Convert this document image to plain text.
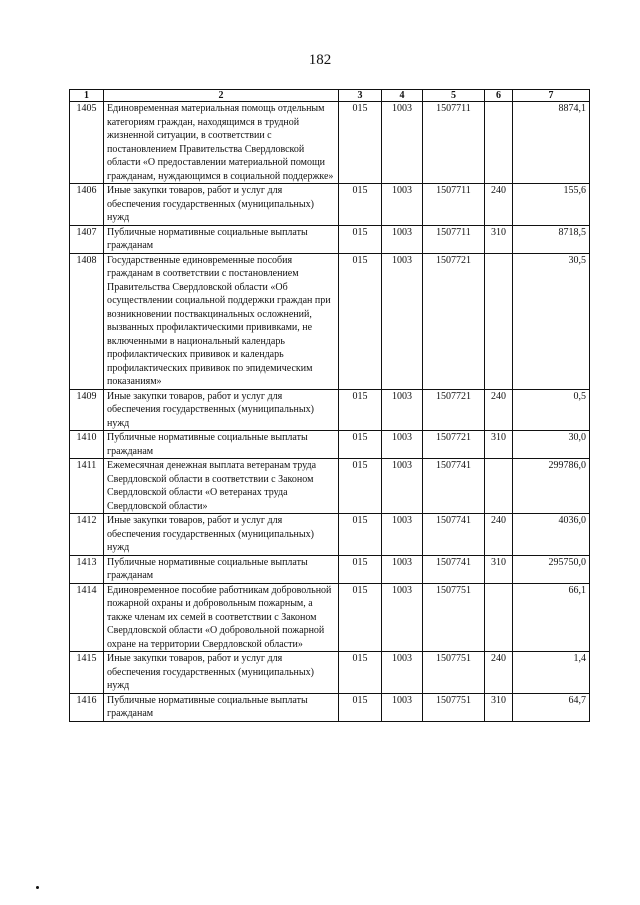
182
1	2	3	4	5	6	7
1405	Единовременная материальная помощь отдельным категориям граждан, находящимся в трудной жизненной ситуации, в соответствии с постановлением Правительства Свердловской области «О предоставлении материальной помощи гражданам, нуждающимся в социальной поддержке»	015	1003	1507711		8874,1
1406	Иные закупки товаров, работ и услуг для обеспечения государственных (муниципальных) нужд	015	1003	1507711	240	155,6
1407	Публичные нормативные социальные выплаты гражданам	015	1003	1507711	310	8718,5
1408	Государственные единовременные пособия гражданам в соответствии с постановлением Правительства Свердловской области «Об осуществлении социальной поддержки граждан при возникновении поствакцинальных осложнений, вызванных профилактическими прививками, не включенными в национальный календарь профилактических прививок и календарь профилактических прививок по эпидемическим показаниям»	015	1003	1507721		30,5
1409	Иные закупки товаров, работ и услуг для обеспечения государственных (муниципальных) нужд	015	1003	1507721	240	0,5
1410	Публичные нормативные социальные выплаты гражданам	015	1003	1507721	310	30,0
1411	Ежемесячная денежная выплата ветеранам труда Свердловской области в соответствии с Законом Свердловской области «О ветеранах труда Свердловской области»	015	1003	1507741		299786,0
1412	Иные закупки товаров, работ и услуг для обеспечения государственных (муниципальных) нужд	015	1003	1507741	240	4036,0
1413	Публичные нормативные социальные выплаты гражданам	015	1003	1507741	310	295750,0
1414	Единовременное пособие работникам добровольной пожарной охраны и добровольным пожарным, а также членам их семей в соответствии с Законом Свердловской области «О добровольной пожарной охране на территории Свердловской области»	015	1003	1507751		66,1
1415	Иные закупки товаров, работ и услуг для обеспечения государственных (муниципальных) нужд	015	1003	1507751	240	1,4
1416	Публичные нормативные социальные выплаты гражданам	015	1003	1507751	310	64,7
